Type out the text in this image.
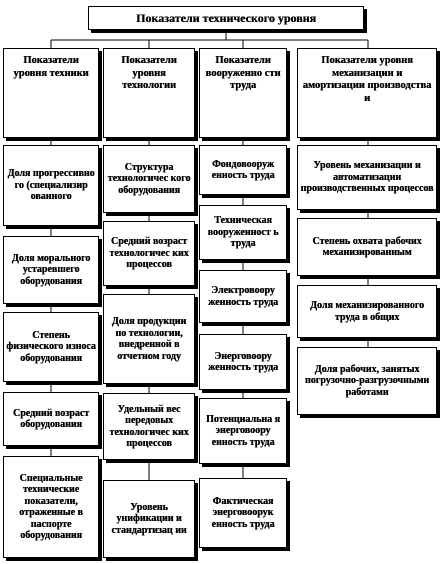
Показатели технического уровня
Показатели уровня техники
Показатели уровня технологии
Показатели вооруженно сти труда
Показатели уровня механизации и амортизации производства и
Доля прогрессивно го (специализир ованного
Доля морального устаревшего оборудования
Степень физического износа оборудования
Средний возраст оборудования
Специальные технические показатели, отраженные в паспорте оборудования
Структура технологичес кого оборудования
Средний возраст технологичес ких процессов
Доля продукции по технологии, внедренной в отчетном году
Удельный вес передовых технологичес ких процессов
Уровень унификации и стандартизац ии
Фондовооруж енность труда
Техническая вооруженност ь труда
Электровоору женность труда
Энерговоору женность труда
Потенциальна я энерговоору енность труда
Фактическая энерговоорук енность труда
Уровень механизации и автоматизации производственных процессов
Степень охвата рабочих механизированным
Доля механизированного труда в общих
Доля рабочих, занятых погрузочно-разгрузочными работами
